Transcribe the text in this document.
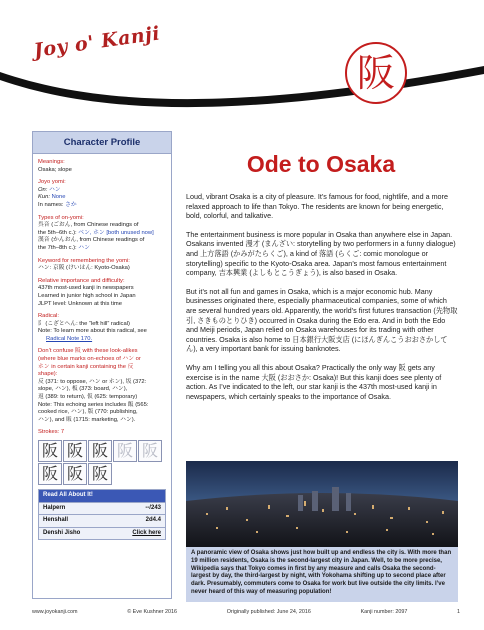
Joy o' Kanji
阪
Character Profile
Meanings:
Osaka; slope
Joyo yomi:
On: ハン
Kun: None
In names: さか
Types of on-yomi:
呉音 (ごおん, from Chinese readings of
the 5th–6th c.): ベン, ホン [both unused now]
漢音 (かんおん, from Chinese readings of
the 7th–8th c.): ハン
Keyword for remembering the yomi:
ハン: 京阪 (けいはん: Kyoto-Osaka)
Relative importance and difficulty:
437th most-used kanji in newspapers
Learned in junior high school in Japan
JLPT level: Unknown at this time
Radical:
阝 (こざとへん: the “left hill” radical)
Note: To learn more about this radical, see
Radical Note 170.
Don’t confuse 阪 with these look-alikes
(where blue marks on-echoes of ハン or
ホン in certain kanji containing the 反
shape):
反 (371: to oppose, ハン or ホン), 坂 (372:
slope, ハン), 板 (373: board, ハン),
返 (389: to return), 仮 (625: temporary)
Note: This echoing series includes 飯 (565:
cooked rice, ハン), 版 (770: publishing,
ハン), and 販 (1715: marketing, ハン).
Strokes: 7
阪 阪 阪 阪 阪
阪 阪 阪
Read All About It!
Halpern	--/243
Henshall	2d4.4
Denshi Jisho	Click here
Ode to Osaka

Loud, vibrant Osaka is a city of pleasure. It’s famous for food, nightlife, and a more relaxed approach to life than Tokyo. The residents are known for being energetic, bold, colorful, and talkative.

The entertainment business is more popular in Osaka than anywhere else in Japan. Osakans invented 漫才 (まんざい: storytelling by two performers in a funny dialogue) and 上方落語 (かみがたらくご), a kind of 落語 (らくご: comic monologue or storytelling) specific to the Kyoto-Osaka area. Japan’s most famous entertainment company, 吉本興業 (よしもとこうぎょう), is also based in Osaka.

But it’s not all fun and games in Osaka, which is a major economic hub. Many businesses originated there, especially pharmaceutical companies, some of which are several hundred years old. Apparently, the world’s first futures transaction (先物取引, さきものとりひき) occurred in Osaka during the Edo era. And in both the Edo and Meiji periods, Japan relied on Osaka warehouses for its trading with other countries. Osaka is also home to 日本銀行大阪支店 (にほんぎんこうおおさかしてん), a very important bank for issuing banknotes.

Why am I telling you all this about Osaka? Practically the only way 阪 gets any exercise is in the name 大阪 (おおさか: Osaka)! But this kanji does see plenty of action. As I’ve indicated to the left, our star kanji is the 437th most-used kanji in newspapers, which certainly speaks to the importance of Osaka.

A panoramic view of Osaka shows just how built up and endless the city is. With more than 19 million residents, Osaka is the second-largest city in Japan. Well, to be more precise, Wikipedia says that Tokyo comes in first by any measure and calls Osaka the second-largest by day, the third-largest by night, with Yokohama shifting up to second place after dark. Presumably, commuters come to Osaka for work but live outside the city limits. I’ve never heard of this way of measuring population!
www.joyokanji.com	© Eve Kushner 2016	Originally published: June 24, 2016	Kanji number: 2097	1
